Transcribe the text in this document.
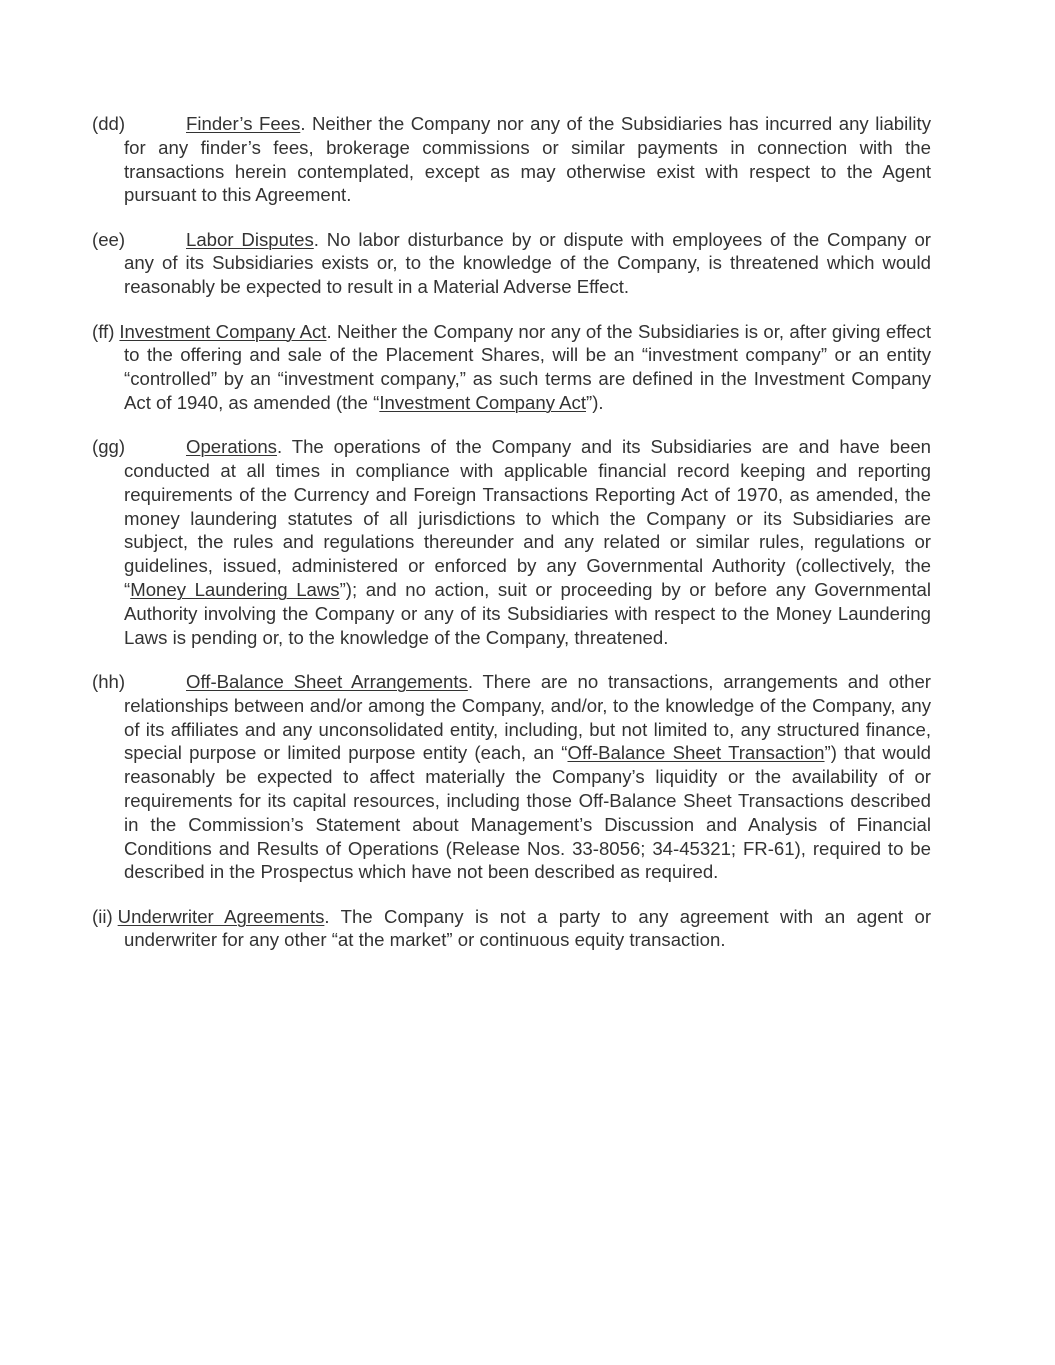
(dd)	Finder’s Fees. Neither the Company nor any of the Subsidiaries has incurred any liability for any finder’s fees, brokerage commissions or similar payments in connection with the transactions herein contemplated, except as may otherwise exist with respect to the Agent pursuant to this Agreement.

(ee)	Labor Disputes. No labor disturbance by or dispute with employees of the Company or any of its Subsidiaries exists or, to the knowledge of the Company, is threatened which would reasonably be expected to result in a Material Adverse Effect.

(ff) Investment Company Act. Neither the Company nor any of the Subsidiaries is or, after giving effect to the offering and sale of the Placement Shares, will be an “investment company” or an entity “controlled” by an “investment company,” as such terms are defined in the Investment Company Act of 1940, as amended (the “Investment Company Act”).

(gg)	Operations. The operations of the Company and its Subsidiaries are and have been conducted at all times in compliance with applicable financial record keeping and reporting requirements of the Currency and Foreign Transactions Reporting Act of 1970, as amended, the money laundering statutes of all jurisdictions to which the Company or its Subsidiaries are subject, the rules and regulations thereunder and any related or similar rules, regulations or guidelines, issued, administered or enforced by any Governmental Authority (collectively, the “Money Laundering Laws”); and no action, suit or proceeding by or before any Governmental Authority involving the Company or any of its Subsidiaries with respect to the Money Laundering Laws is pending or, to the knowledge of the Company, threatened.

(hh)	Off-Balance Sheet Arrangements. There are no transactions, arrangements and other relationships between and/or among the Company, and/or, to the knowledge of the Company, any of its affiliates and any unconsolidated entity, including, but not limited to, any structured finance, special purpose or limited purpose entity (each, an “Off-Balance Sheet Transaction”) that would reasonably be expected to affect materially the Company’s liquidity or the availability of or requirements for its capital resources, including those Off-Balance Sheet Transactions described in the Commission’s Statement about Management’s Discussion and Analysis of Financial Conditions and Results of Operations (Release Nos. 33-8056; 34-45321; FR-61), required to be described in the Prospectus which have not been described as required.

(ii) Underwriter Agreements. The Company is not a party to any agreement with an agent or underwriter for any other “at the market” or continuous equity transaction.
